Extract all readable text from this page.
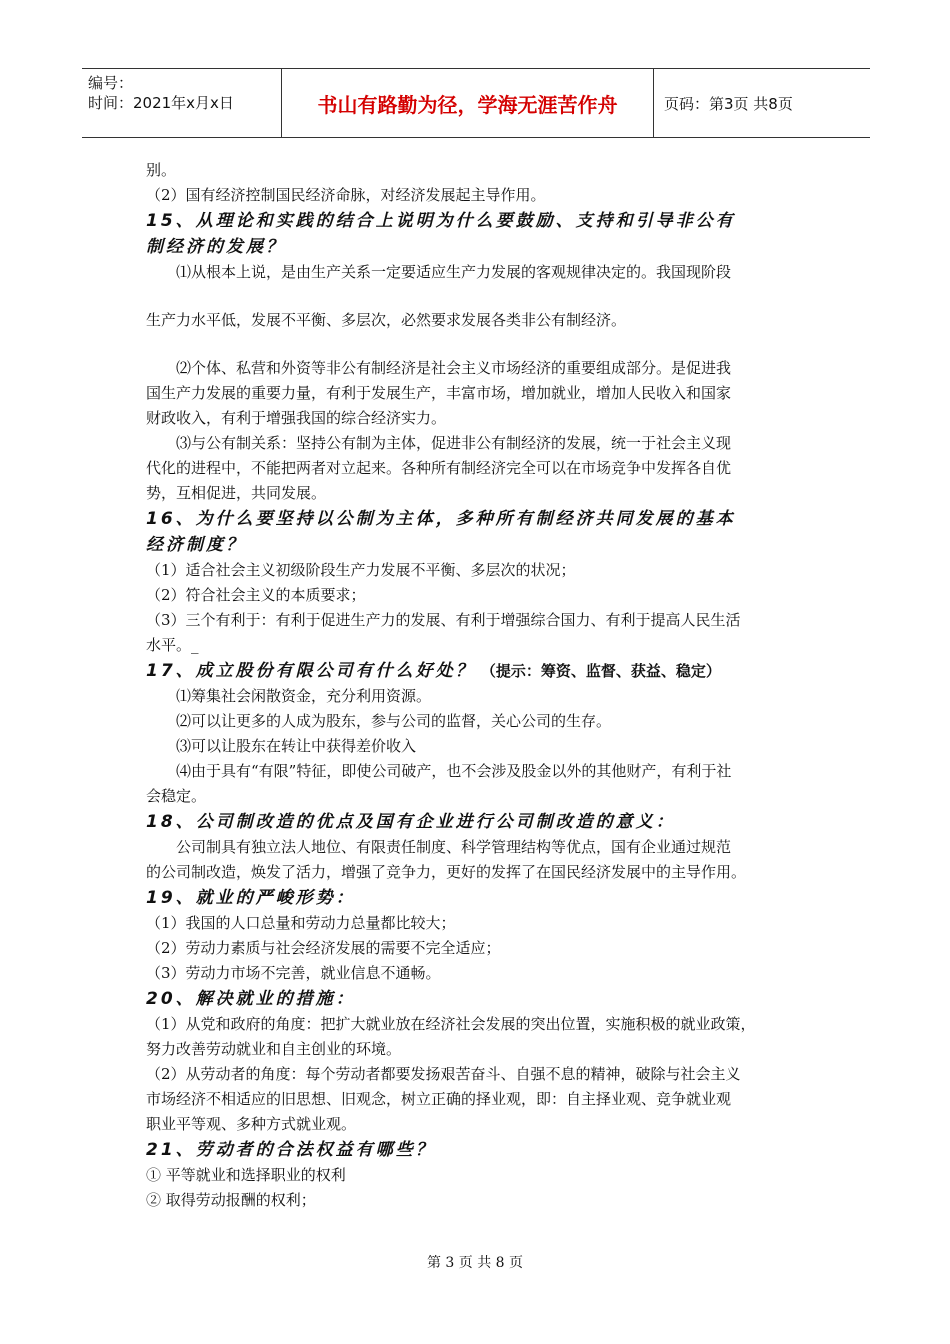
编号：
时间：2021年x月x日	书山有路勤为径，学海无涯苦作舟	页码：第3页 共8页
别。
（2）国有经济控制国民经济命脉，对经济发展起主导作用。
15、从理论和实践的结合上说明为什么要鼓励、支持和引导非公有
制经济的发展？
⑴从根本上说，是由生产关系一定要适应生产力发展的客观规律决定的。我国现阶段
生产力水平低，发展不平衡、多层次，必然要求发展各类非公有制经济。
⑵个体、私营和外资等非公有制经济是社会主义市场经济的重要组成部分。是促进我
国生产力发展的重要力量，有利于发展生产，丰富市场，增加就业，增加人民收入和国家
财政收入，有利于增强我国的综合经济实力。
⑶与公有制关系：坚持公有制为主体，促进非公有制经济的发展，统一于社会主义现
代化的进程中，不能把两者对立起来。各种所有制经济完全可以在市场竞争中发挥各自优
势，互相促进，共同发展。
16、为什么要坚持以公制为主体，多种所有制经济共同发展的基本
经济制度？
（1）适合社会主义初级阶段生产力发展不平衡、多层次的状况；
（2）符合社会主义的本质要求；
（3）三个有利于：有利于促进生产力的发展、有利于增强综合国力、有利于提高人民生活
水平。_
17、成立股份有限公司有什么好处？ （提示：筹资、监督、获益、稳定）
⑴筹集社会闲散资金，充分利用资源。
⑵可以让更多的人成为股东，参与公司的监督，关心公司的生存。
⑶可以让股东在转让中获得差价收入
⑷由于具有“有限”特征，即使公司破产，也不会涉及股金以外的其他财产，有利于社
会稳定。
18、公司制改造的优点及国有企业进行公司制改造的意义：
公司制具有独立法人地位、有限责任制度、科学管理结构等优点，国有企业通过规范
的公司制改造，焕发了活力，增强了竞争力，更好的发挥了在国民经济发展中的主导作用。
19、就业的严峻形势：
（1）我国的人口总量和劳动力总量都比较大；
（2）劳动力素质与社会经济发展的需要不完全适应；
（3）劳动力市场不完善，就业信息不通畅。
20、解决就业的措施：
（1）从党和政府的角度：把扩大就业放在经济社会发展的突出位置，实施积极的就业政策，
努力改善劳动就业和自主创业的环境。
（2）从劳动者的角度：每个劳动者都要发扬艰苦奋斗、自强不息的精神，破除与社会主义
市场经济不相适应的旧思想、旧观念，树立正确的择业观，即：自主择业观、竞争就业观
职业平等观、多种方式就业观。
21、劳动者的合法权益有哪些？
① 平等就业和选择职业的权利
② 取得劳动报酬的权利；
第 3 页 共 8 页
